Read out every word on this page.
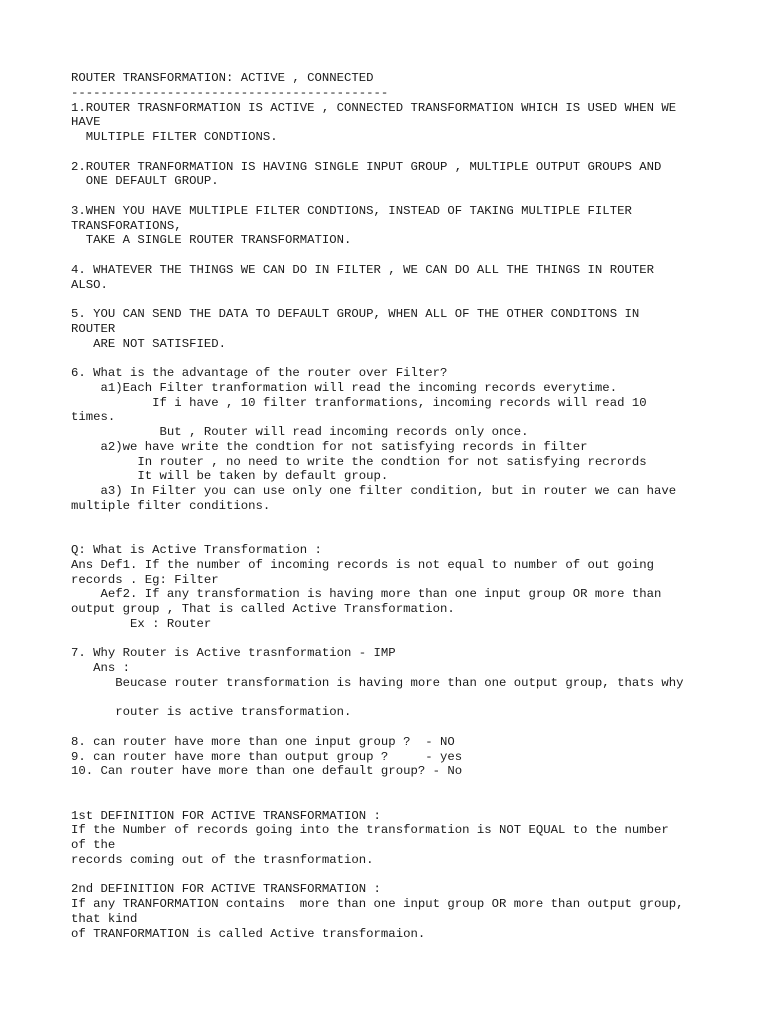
ROUTER TRANSFORMATION: ACTIVE , CONNECTED
-------------------------------------------
1.ROUTER TRASNFORMATION IS ACTIVE , CONNECTED TRANSFORMATION WHICH IS USED WHEN WE
HAVE
MULTIPLE FILTER CONDTIONS.
2.ROUTER TRANFORMATION IS HAVING SINGLE INPUT GROUP , MULTIPLE OUTPUT GROUPS AND
ONE DEFAULT GROUP.
3.WHEN YOU HAVE MULTIPLE FILTER CONDTIONS, INSTEAD OF TAKING MULTIPLE FILTER
TRANSFORATIONS,
TAKE A SINGLE ROUTER TRANSFORMATION.
4. WHATEVER THE THINGS WE CAN DO IN FILTER , WE CAN DO ALL THE THINGS IN ROUTER
ALSO.
5. YOU CAN SEND THE DATA TO DEFAULT GROUP, WHEN ALL OF THE OTHER CONDITONS IN
ROUTER
ARE NOT SATISFIED.
6. What is the advantage of the router over Filter?
a1)Each Filter tranformation will read the incoming records everytime.
If i have , 10 filter tranformations, incoming records will read 10
times.
But , Router will read incoming records only once.
a2)we have write the condtion for not satisfying records in filter
In router , no need to write the condtion for not satisfying recrords
It will be taken by default group.
a3) In Filter you can use only one filter condition, but in router we can have
multiple filter conditions.
Q: What is Active Transformation :
Ans Def1. If the number of incoming records is not equal to number of out going
records . Eg: Filter
Aef2. If any transformation is having more than one input group OR more than
output group , That is called Active Transformation.
Ex : Router
7. Why Router is Active trasnformation - IMP
Ans :
Beucase router transformation is having more than one output group, thats why
router is active transformation.
8. can router have more than one input group ?  - NO
9. can router have more than output group ?     - yes
10. Can router have more than one default group? - No
1st DEFINITION FOR ACTIVE TRANSFORMATION :
If the Number of records going into the transformation is NOT EQUAL to the number
of the
records coming out of the trasnformation.
2nd DEFINITION FOR ACTIVE TRANSFORMATION :
If any TRANFORMATION contains  more than one input group OR more than output group,
that kind
of TRANFORMATION is called Active transformaion.
